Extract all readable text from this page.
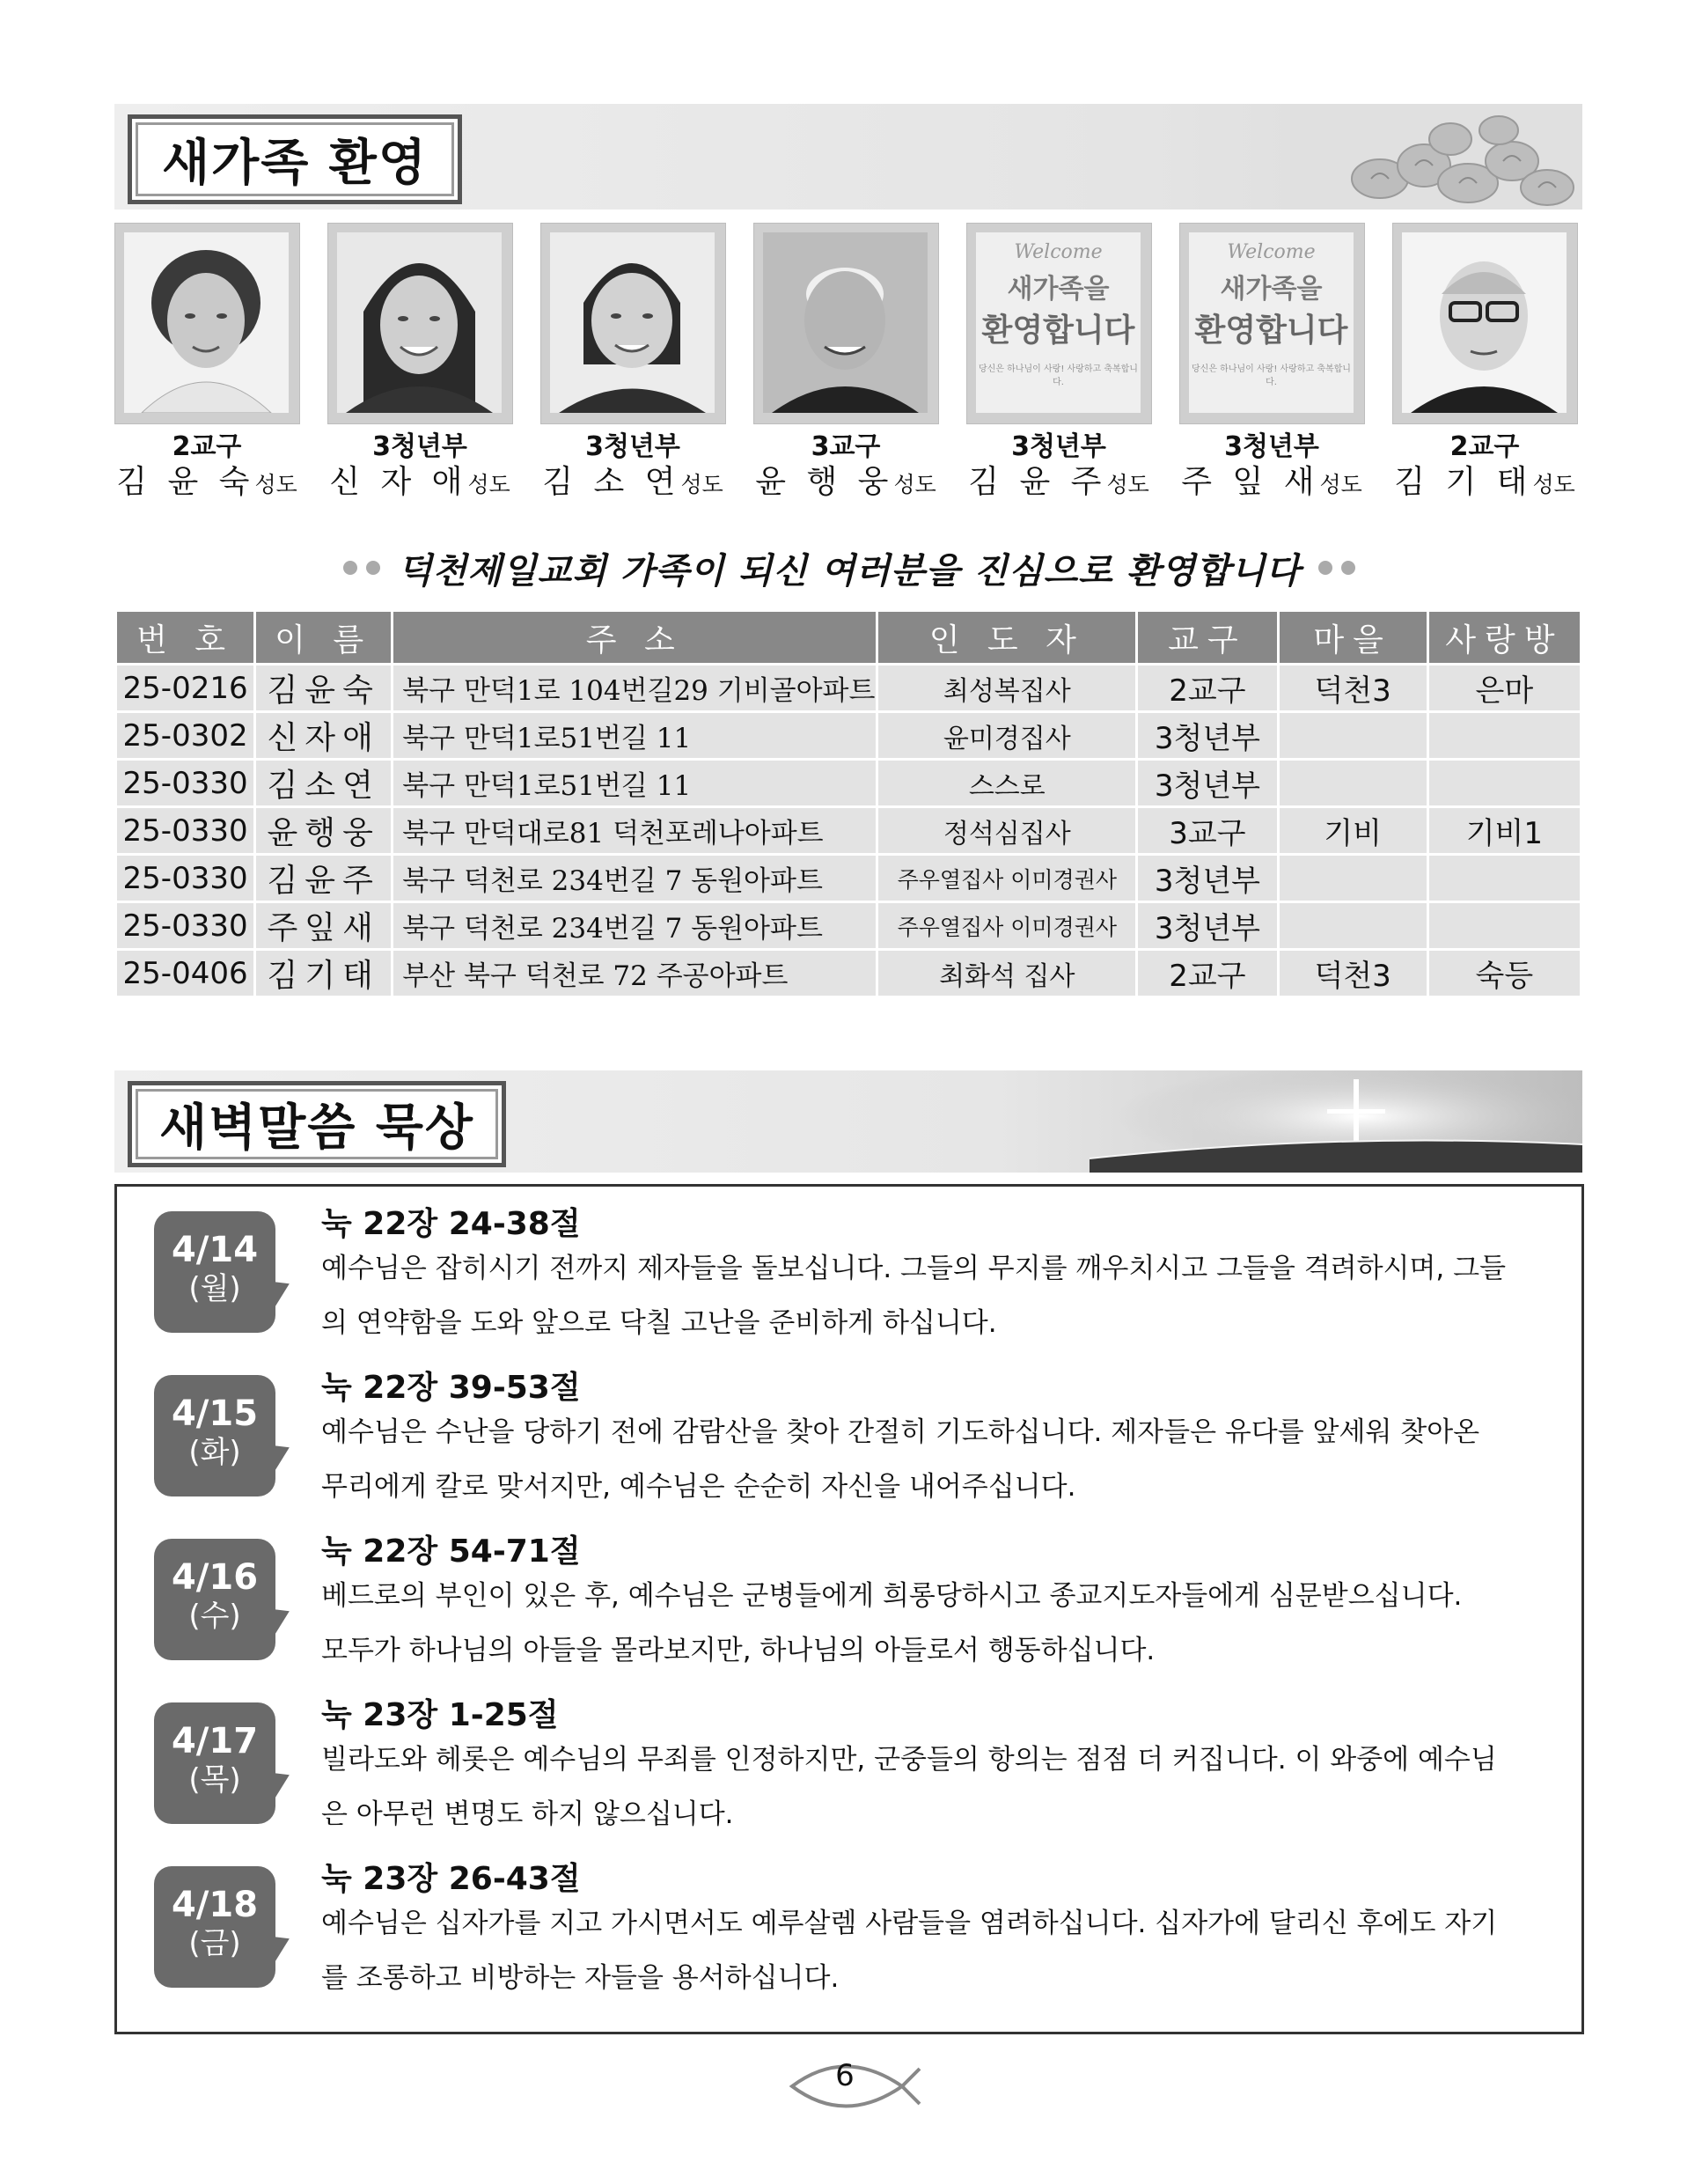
새가족 환영
Welcome
새가족을
환영합니다
당신은 하나님이 사랑! 사랑하고 축복합니다.
Welcome
새가족을
환영합니다
당신은 하나님이 사랑! 사랑하고 축복합니다.
2교구
김 윤 숙성도
3청년부
신 자 애성도
3청년부
김 소 연성도
3교구
윤 행 웅성도
3청년부
김 윤 주성도
3청년부
주 잎 새성도
2교구
김 기 태성도
덕천제일교회 가족이 되신 여러분을 진심으로 환영합니다
번 호	이 름	주 소	인 도 자	교구	마을	사랑방
25-0216	김윤숙	북구 만덕1로 104번길29 기비골아파트	최성복집사	2교구	덕천3	은마
25-0302	신자애	북구 만덕1로51번길 11	윤미경집사	3청년부		
25-0330	김소연	북구 만덕1로51번길 11	스스로	3청년부		
25-0330	윤행웅	북구 만덕대로81 덕천포레나아파트	정석심집사	3교구	기비	기비1
25-0330	김윤주	북구 덕천로 234번길 7 동원아파트	주우열집사 이미경권사	3청년부		
25-0330	주잎새	북구 덕천로 234번길 7 동원아파트	주우열집사 이미경권사	3청년부		
25-0406	김기태	부산 북구 덕천로 72 주공아파트	최화석 집사	2교구	덕천3	숙등
새벽말씀 묵상
4/14
(월)
눅 22장 24-38절
예수님은 잡히시기 전까지 제자들을 돌보십니다. 그들의 무지를 깨우치시고 그들을 격려하시며, 그들
의 연약함을 도와 앞으로 닥칠 고난을 준비하게 하십니다.
4/15
(화)
눅 22장 39-53절
예수님은 수난을 당하기 전에 감람산을 찾아 간절히 기도하십니다. 제자들은 유다를 앞세워 찾아온
무리에게 칼로 맞서지만, 예수님은 순순히 자신을 내어주십니다.
4/16
(수)
눅 22장 54-71절
베드로의 부인이 있은 후, 예수님은 군병들에게 희롱당하시고 종교지도자들에게 심문받으십니다.
모두가 하나님의 아들을 몰라보지만, 하나님의 아들로서 행동하십니다.
4/17
(목)
눅 23장 1-25절
빌라도와 헤롯은 예수님의 무죄를 인정하지만, 군중들의 항의는 점점 더 커집니다. 이 와중에 예수님
은 아무런 변명도 하지 않으십니다.
4/18
(금)
눅 23장 26-43절
예수님은 십자가를 지고 가시면서도 예루살렘 사람들을 염려하십니다. 십자가에 달리신 후에도 자기
를 조롱하고 비방하는 자들을 용서하십니다.
6
